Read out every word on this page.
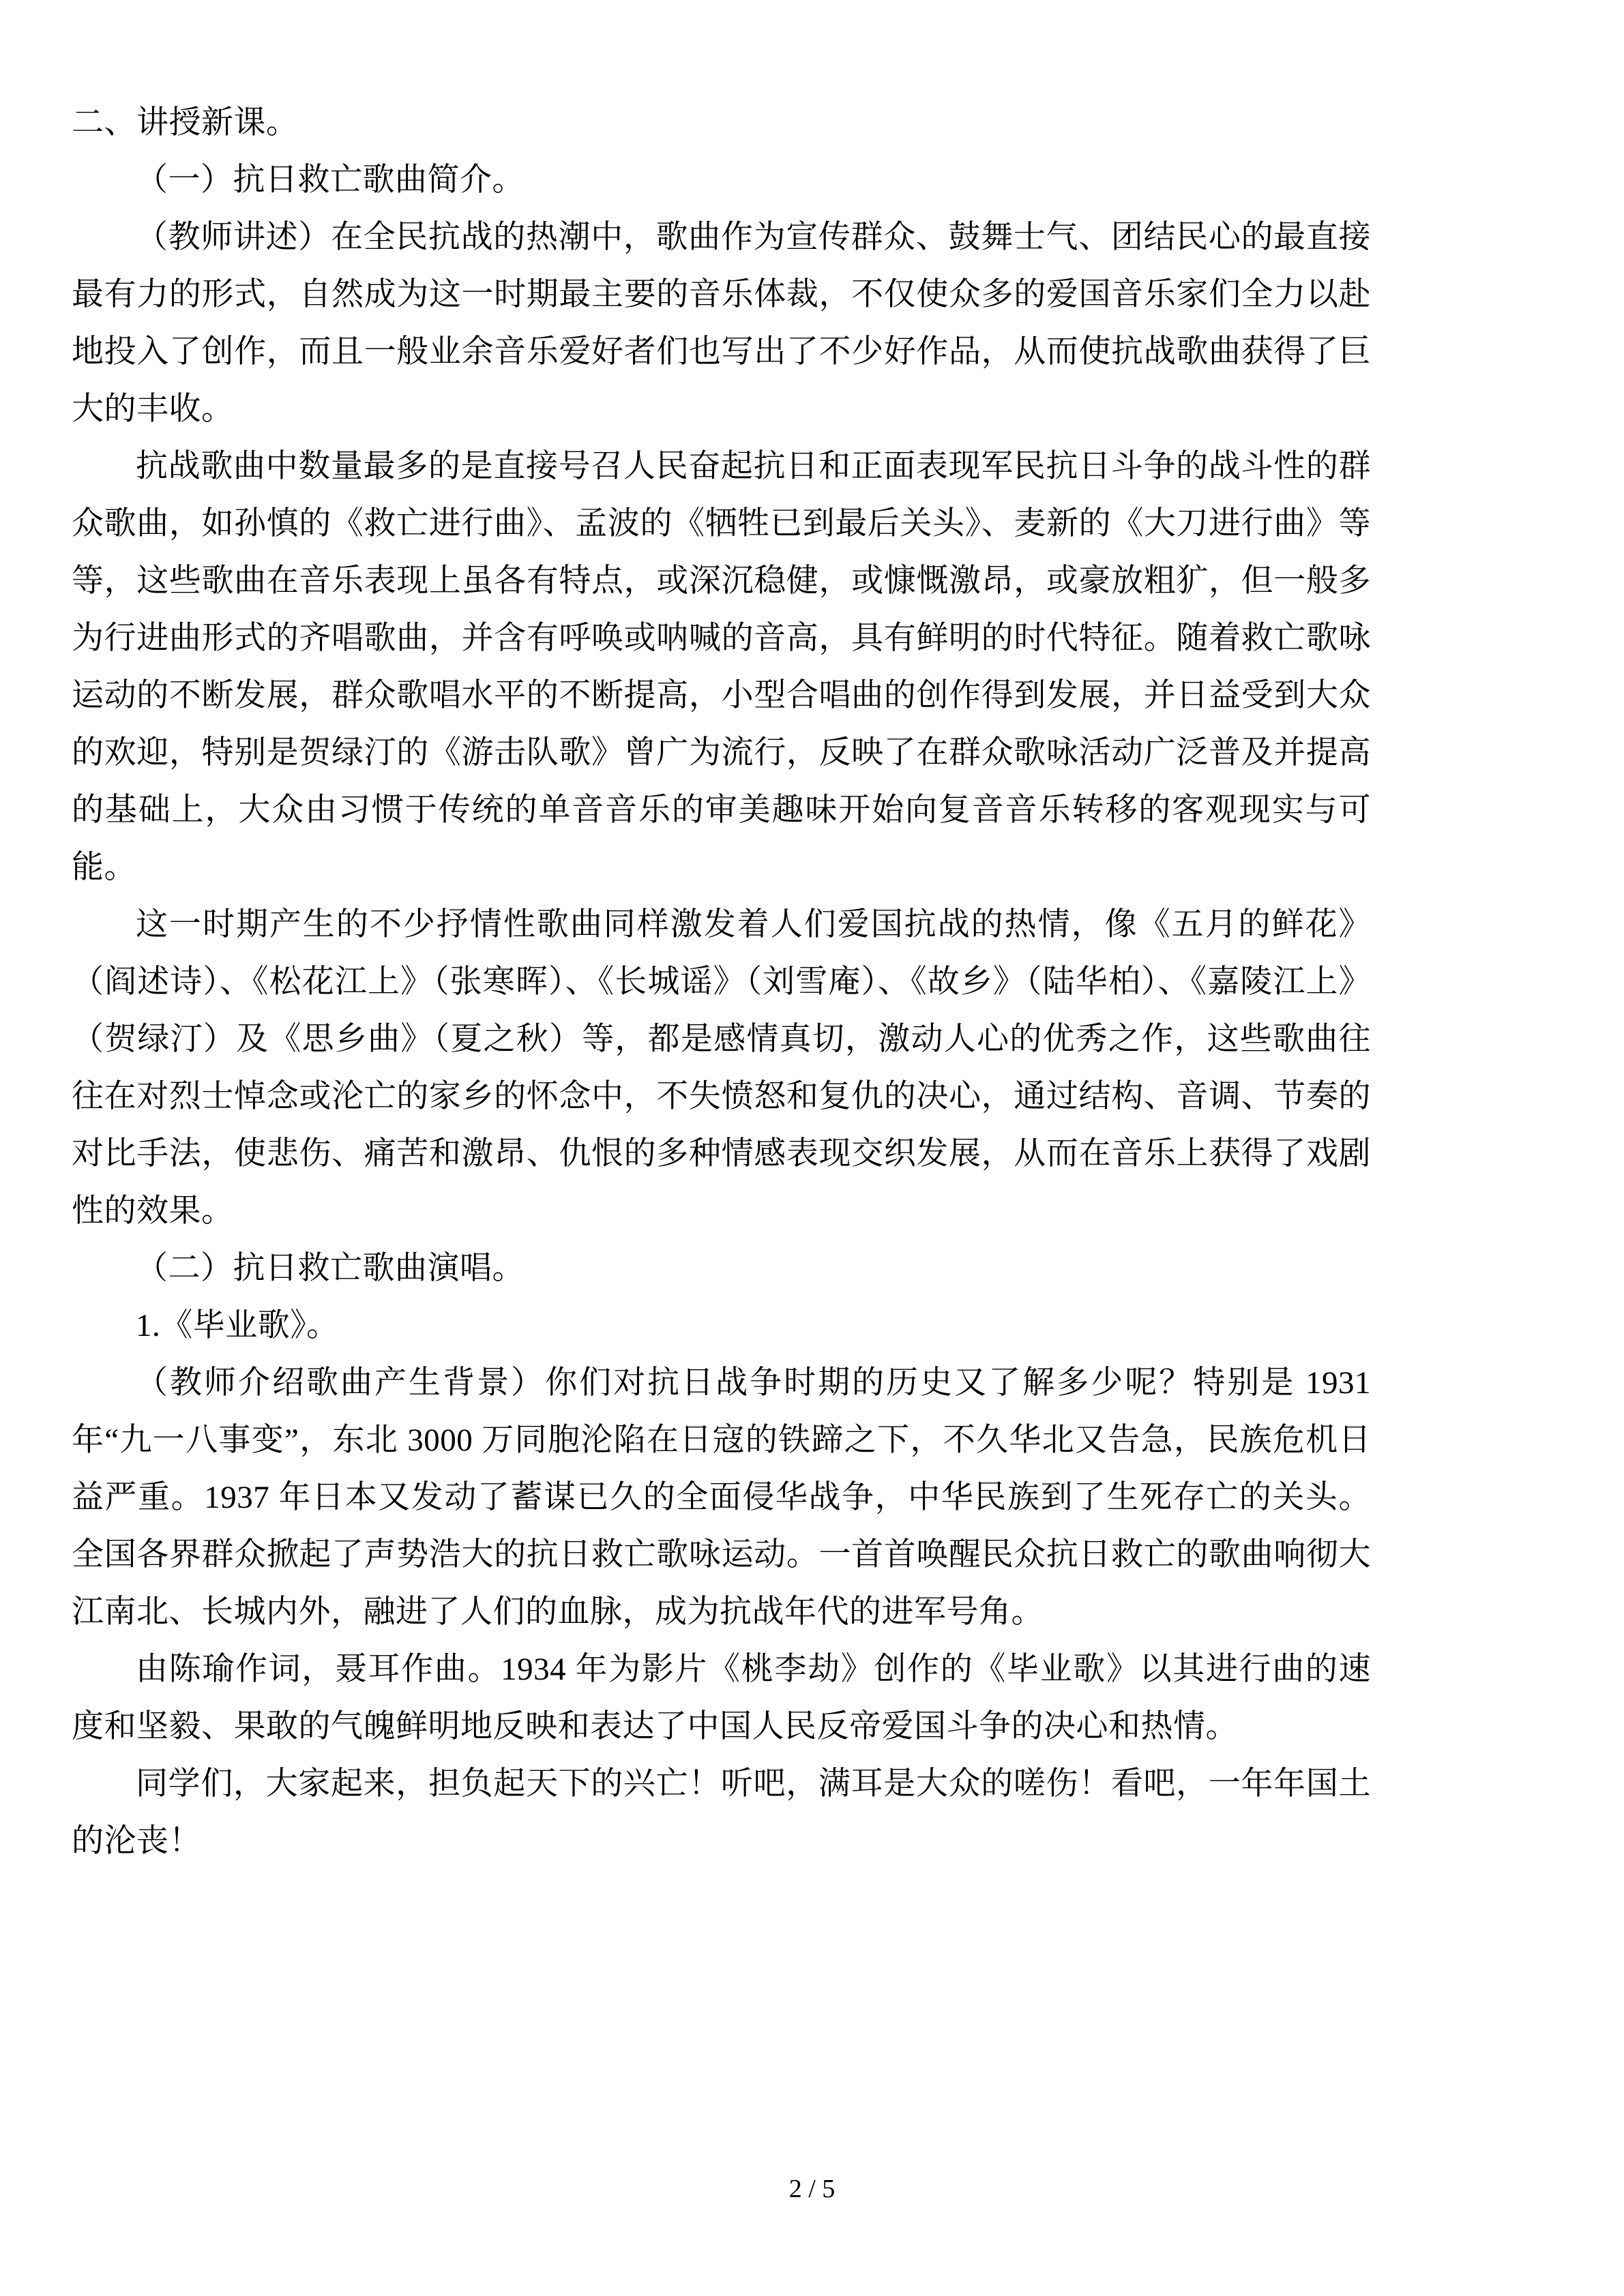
二、讲授新课。

（一）抗日救亡歌曲简介。

（教师讲述）在全民抗战的热潮中，歌曲作为宣传群众、鼓舞士气、团结民心的最直接最有力的形式，自然成为这一时期最主要的音乐体裁，不仅使众多的爱国音乐家们全力以赴地投入了创作，而且一般业余音乐爱好者们也写出了不少好作品，从而使抗战歌曲获得了巨大的丰收。

抗战歌曲中数量最多的是直接号召人民奋起抗日和正面表现军民抗日斗争的战斗性的群众歌曲，如孙慎的《救亡进行曲》、孟波的《牺牲已到最后关头》、麦新的《大刀进行曲》等等，这些歌曲在音乐表现上虽各有特点，或深沉稳健，或慷慨激昂，或豪放粗犷，但一般多为行进曲形式的齐唱歌曲，并含有呼唤或呐喊的音高，具有鲜明的时代特征。随着救亡歌咏运动的不断发展，群众歌唱水平的不断提高，小型合唱曲的创作得到发展，并日益受到大众的欢迎，特别是贺绿汀的《游击队歌》曾广为流行，反映了在群众歌咏活动广泛普及并提高的基础上，大众由习惯于传统的单音音乐的审美趣味开始向复音音乐转移的客观现实与可能。

这一时期产生的不少抒情性歌曲同样激发着人们爱国抗战的热情，像《五月的鲜花》（阎述诗）、《松花江上》（张寒晖）、《长城谣》（刘雪庵）、《故乡》（陆华柏）、《嘉陵江上》（贺绿汀）及《思乡曲》（夏之秋）等，都是感情真切，激动人心的优秀之作，这些歌曲往往在对烈士悼念或沦亡的家乡的怀念中，不失愤怒和复仇的决心，通过结构、音调、节奏的对比手法，使悲伤、痛苦和激昂、仇恨的多种情感表现交织发展，从而在音乐上获得了戏剧性的效果。

（二）抗日救亡歌曲演唱。

1.《毕业歌》。

（教师介绍歌曲产生背景）你们对抗日战争时期的历史又了解多少呢？特别是 1931 年“九一八事变”，东北 3000 万同胞沦陷在日寇的铁蹄之下，不久华北又告急，民族危机日益严重。1937 年日本又发动了蓄谋已久的全面侵华战争，中华民族到了生死存亡的关头。全国各界群众掀起了声势浩大的抗日救亡歌咏运动。一首首唤醒民众抗日救亡的歌曲响彻大江南北、长城内外，融进了人们的血脉，成为抗战年代的进军号角。

由陈瑜作词，聂耳作曲。1934 年为影片《桃李劫》创作的《毕业歌》以其进行曲的速度和坚毅、果敢的气魄鲜明地反映和表达了中国人民反帝爱国斗争的决心和热情。

同学们，大家起来，担负起天下的兴亡！听吧，满耳是大众的嗟伤！看吧，一年年国土的沦丧！

2 / 5
